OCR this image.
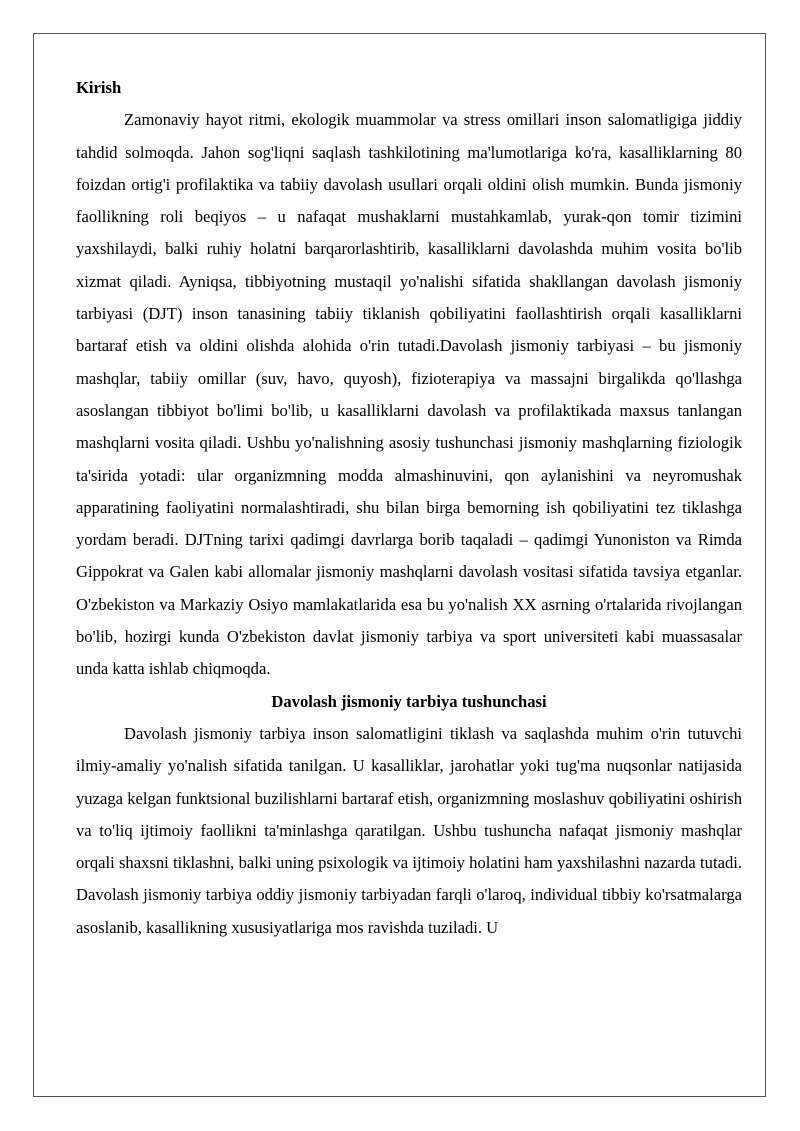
Kirish

Zamonaviy hayot ritmi, ekologik muammolar va stress omillari inson salomatligiga jiddiy tahdid solmoqda. Jahon sog'liqni saqlash tashkilotining ma'lumotlariga ko'ra, kasalliklarning 80 foizdan ortig'i profilaktika va tabiiy davolash usullari orqali oldini olish mumkin. Bunda jismoniy faollikning roli beqiyos – u nafaqat mushaklarni mustahkamlab, yurak-qon tomir tizimini yaxshilaydi, balki ruhiy holatni barqarorlashtirib, kasalliklarni davolashda muhim vosita bo'lib xizmat qiladi. Ayniqsa, tibbiyotning mustaqil yo'nalishi sifatida shakllangan davolash jismoniy tarbiyasi (DJT) inson tanasining tabiiy tiklanish qobiliyatini faollashtirish orqali kasalliklarni bartaraf etish va oldini olishda alohida o'rin tutadi.Davolash jismoniy tarbiyasi – bu jismoniy mashqlar, tabiiy omillar (suv, havo, quyosh), fizioterapiya va massajni birgalikda qo'llashga asoslangan tibbiyot bo'limi bo'lib, u kasalliklarni davolash va profilaktikada maxsus tanlangan mashqlarni vosita qiladi. Ushbu yo'nalishning asosiy tushunchasi jismoniy mashqlarning fiziologik ta'sirida yotadi: ular organizmning modda almashinuvini, qon aylanishini va neyromushak apparatining faoliyatini normalashtiradi, shu bilan birga bemorning ish qobiliyatini tez tiklashga yordam beradi. DJTning tarixi qadimgi davrlarga borib taqaladi – qadimgi Yunoniston va Rimda Gippokrat va Galen kabi allomalar jismoniy mashqlarni davolash vositasi sifatida tavsiya etganlar. O'zbekiston va Markaziy Osiyo mamlakatlarida esa bu yo'nalish XX asrning o'rtalarida rivojlangan bo'lib, hozirgi kunda O'zbekiston davlat jismoniy tarbiya va sport universiteti kabi muassasalar unda katta ishlab chiqmoqda.

Davolash jismoniy tarbiya tushunchasi

Davolash jismoniy tarbiya inson salomatligini tiklash va saqlashda muhim o'rin tutuvchi ilmiy-amaliy yo'nalish sifatida tanilgan. U kasalliklar, jarohatlar yoki tug'ma nuqsonlar natijasida yuzaga kelgan funktsional buzilishlarni bartaraf etish, organizmning moslashuv qobiliyatini oshirish va to'liq ijtimoiy faollikni ta'minlashga qaratilgan. Ushbu tushuncha nafaqat jismoniy mashqlar orqali shaxsni tiklashni, balki uning psixologik va ijtimoiy holatini ham yaxshilashni nazarda tutadi. Davolash jismoniy tarbiya oddiy jismoniy tarbiyadan farqli o'laroq, individual tibbiy ko'rsatmalarga asoslanib, kasallikning xususiyatlariga mos ravishda tuziladi. U
